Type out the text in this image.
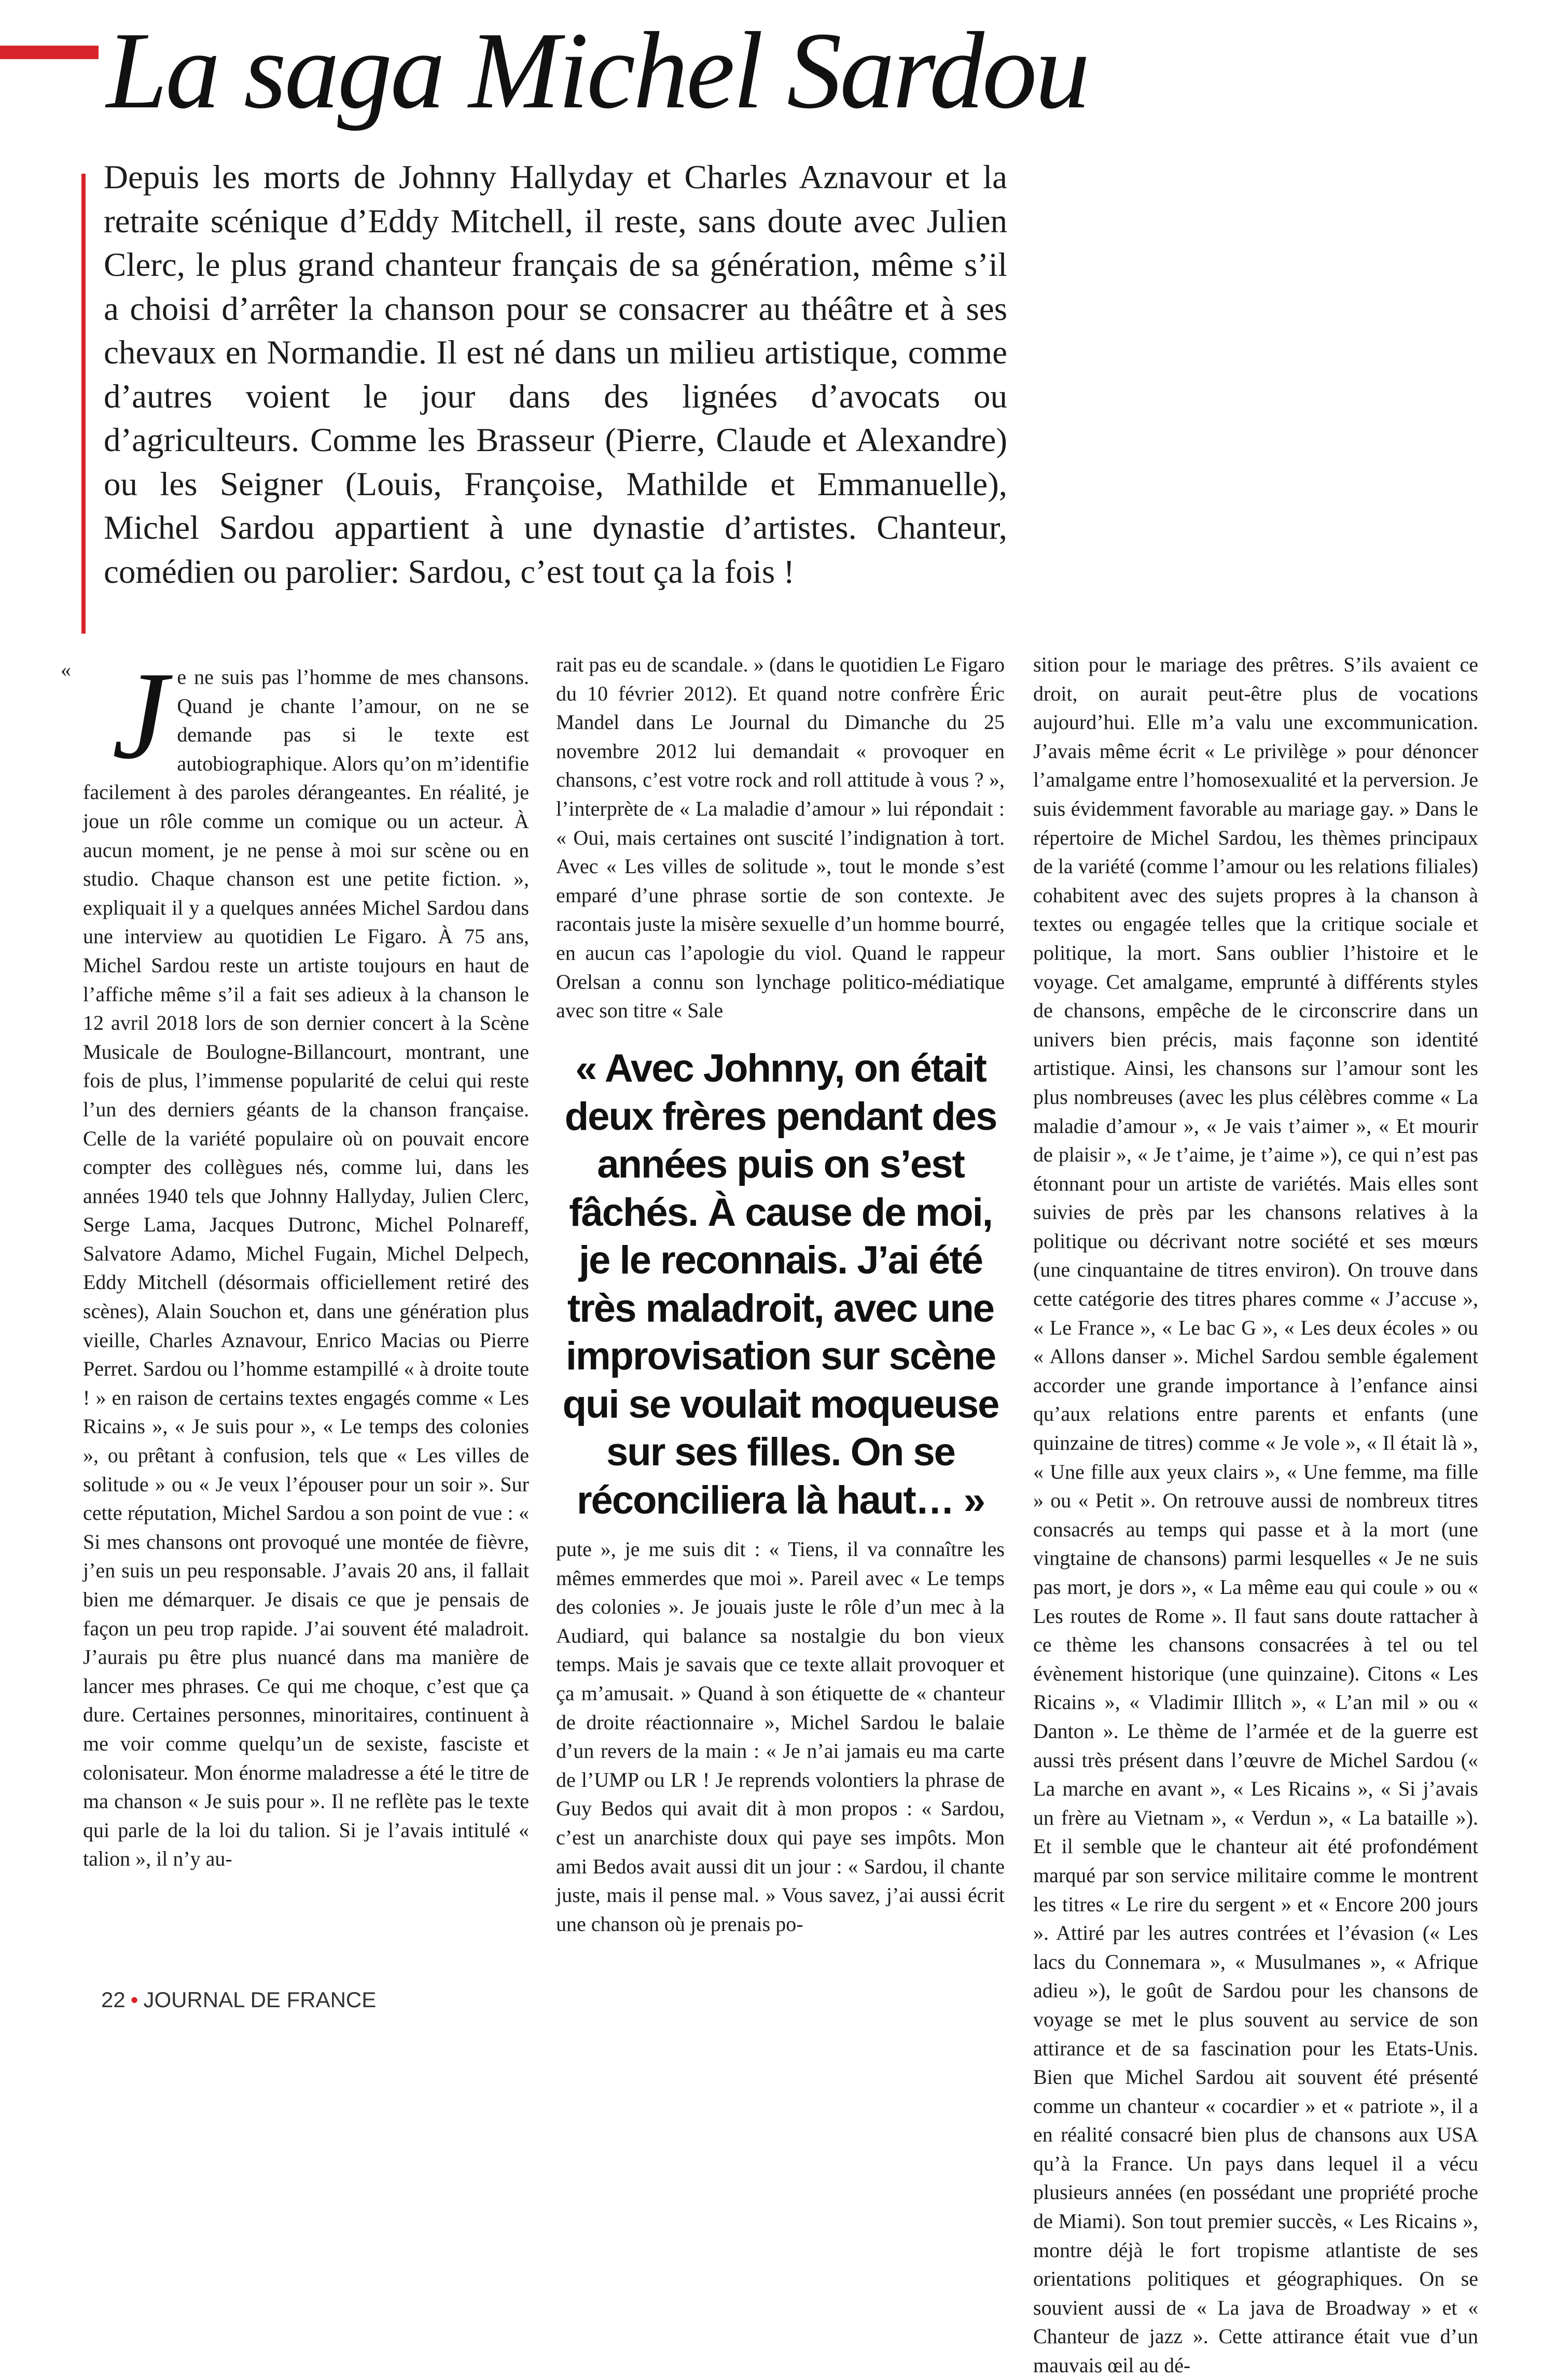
La saga Michel Sardou

Depuis les morts de Johnny Hallyday et Charles Aznavour et la retraite scénique d’Eddy Mitchell, il reste, sans doute avec Julien Clerc, le plus grand chanteur français de sa génération, même s’il a choisi d’arrêter la chanson pour se consacrer au théâtre et à ses chevaux en Normandie. Il est né dans un milieu artistique, comme d’autres voient le jour dans des lignées d’avocats ou d’agriculteurs. Comme les Brasseur (Pierre, Claude et Alexandre) ou les Seigner (Louis, Françoise, Mathilde et Emmanuelle), Michel Sardou appartient à une dynastie d’artistes. Chanteur, comédien ou parolier: Sardou, c’est tout ça la fois !

« J e ne suis pas l’homme de mes chansons. Quand je chante l’amour, on ne se demande pas si le texte est autobiographique. Alors qu’on m’identifie facilement à des paroles dérangeantes. En réalité, je joue un rôle comme un comique ou un acteur. À aucun moment, je ne pense à moi sur scène ou en studio. Chaque chanson est une petite fiction. », expliquait il y a quelques années Michel Sardou dans une interview au quotidien Le Figaro. À 75 ans, Michel Sardou reste un artiste toujours en haut de l’affiche même s’il a fait ses adieux à la chanson le 12 avril 2018 lors de son dernier concert à la Scène Musicale de Boulogne-Billancourt, montrant, une fois de plus, l’immense popularité de celui qui reste l’un des derniers géants de la chanson française. Celle de la variété populaire où on pouvait encore compter des collègues nés, comme lui, dans les années 1940 tels que Johnny Hallyday, Julien Clerc, Serge Lama, Jacques Dutronc, Michel Polnareff, Salvatore Adamo, Michel Fugain, Michel Delpech, Eddy Mitchell (désormais officiellement retiré des scènes), Alain Souchon et, dans une génération plus vieille, Charles Aznavour, Enrico Macias ou Pierre Perret. Sardou ou l’homme estampillé « à droite toute ! » en raison de certains textes engagés comme « Les Ricains », « Je suis pour », « Le temps des colonies », ou prêtant à confusion, tels que « Les villes de solitude » ou « Je veux l’épouser pour un soir ». Sur cette réputation, Michel Sardou a son point de vue : « Si mes chansons ont provoqué une montée de fièvre, j’en suis un peu responsable. J’avais 20 ans, il fallait bien me démarquer. Je disais ce que je pensais de façon un peu trop rapide. J’ai souvent été maladroit. J’aurais pu être plus nuancé dans ma manière de lancer mes phrases. Ce qui me choque, c’est que ça dure. Certaines personnes, minoritaires, continuent à me voir comme quelqu’un de sexiste, fasciste et colonisateur. Mon énorme maladresse a été le titre de ma chanson « Je suis pour ». Il ne reflète pas le texte qui parle de la loi du talion. Si je l’avais intitulé « talion », il n’y au-

rait pas eu de scandale. » (dans le quotidien Le Figaro du 10 février 2012). Et quand notre confrère Éric Mandel dans Le Journal du Dimanche du 25 novembre 2012 lui demandait « provoquer en chansons, c’est votre rock and roll attitude à vous ? », l’interprète de « La maladie d’amour » lui répondait : « Oui, mais certaines ont suscité l’indignation à tort. Avec « Les villes de solitude », tout le monde s’est emparé d’une phrase sortie de son contexte. Je racontais juste la misère sexuelle d’un homme bourré, en aucun cas l’apologie du viol. Quand le rappeur Orelsan a connu son lynchage politico-médiatique avec son titre « Sale

« Avec Johnny, on était deux frères pendant des années puis on s’est fâchés. À cause de moi, je le reconnais. J’ai été très maladroit, avec une improvisation sur scène qui se voulait moqueuse sur ses filles. On se réconciliera là haut… »

pute », je me suis dit : « Tiens, il va connaître les mêmes emmerdes que moi ». Pareil avec « Le temps des colonies ». Je jouais juste le rôle d’un mec à la Audiard, qui balance sa nostalgie du bon vieux temps. Mais je savais que ce texte allait provoquer et ça m’amusait. » Quand à son étiquette de « chanteur de droite réactionnaire », Michel Sardou le balaie d’un revers de la main : « Je n’ai jamais eu ma carte de l’UMP ou LR ! Je reprends volontiers la phrase de Guy Bedos qui avait dit à mon propos : « Sardou, c’est un anarchiste doux qui paye ses impôts. Mon ami Bedos avait aussi dit un jour : « Sardou, il chante juste, mais il pense mal. » Vous savez, j’ai aussi écrit une chanson où je prenais po-

sition pour le mariage des prêtres. S’ils avaient ce droit, on aurait peut-être plus de vocations aujourd’hui. Elle m’a valu une excommunication. J’avais même écrit « Le privilège » pour dénoncer l’amalgame entre l’homosexualité et la perversion. Je suis évidemment favorable au mariage gay. » Dans le répertoire de Michel Sardou, les thèmes principaux de la variété (comme l’amour ou les relations filiales) cohabitent avec des sujets propres à la chanson à textes ou engagée telles que la critique sociale et politique, la mort. Sans oublier l’histoire et le voyage. Cet amalgame, emprunté à différents styles de chansons, empêche de le circonscrire dans un univers bien précis, mais façonne son identité artistique. Ainsi, les chansons sur l’amour sont les plus nombreuses (avec les plus célèbres comme « La maladie d’amour », « Je vais t’aimer », « Et mourir de plaisir », « Je t’aime, je t’aime »), ce qui n’est pas étonnant pour un artiste de variétés. Mais elles sont suivies de près par les chansons relatives à la politique ou décrivant notre société et ses mœurs (une cinquantaine de titres environ). On trouve dans cette catégorie des titres phares comme « J’accuse », « Le France », « Le bac G », « Les deux écoles » ou « Allons danser ». Michel Sardou semble également accorder une grande importance à l’enfance ainsi qu’aux relations entre parents et enfants (une quinzaine de titres) comme « Je vole », « Il était là », « Une fille aux yeux clairs », « Une femme, ma fille » ou « Petit ». On retrouve aussi de nombreux titres consacrés au temps qui passe et à la mort (une vingtaine de chansons) parmi lesquelles « Je ne suis pas mort, je dors », « La même eau qui coule » ou « Les routes de Rome ». Il faut sans doute rattacher à ce thème les chansons consacrées à tel ou tel évènement historique (une quinzaine). Citons « Les Ricains », « Vladimir Illitch », « L’an mil » ou « Danton ». Le thème de l’armée et de la guerre est aussi très présent dans l’œuvre de Michel Sardou (« La marche en avant », « Les Ricains », « Si j’avais un frère au Vietnam », « Verdun », « La bataille »). Et il semble que le chanteur ait été profondément marqué par son service militaire comme le montrent les titres « Le rire du sergent » et « Encore 200 jours ». Attiré par les autres contrées et l’évasion (« Les lacs du Connemara », « Musulmanes », « Afrique adieu »), le goût de Sardou pour les chansons de voyage se met le plus souvent au service de son attirance et de sa fascination pour les Etats-Unis. Bien que Michel Sardou ait souvent été présenté comme un chanteur « cocardier » et « patriote », il a en réalité consacré bien plus de chansons aux USA qu’à la France. Un pays dans lequel il a vécu plusieurs années (en possédant une propriété proche de Miami). Son tout premier succès, « Les Ricains », montre déjà le fort tropisme atlantiste de ses orientations politiques et géographiques. On se souvient aussi de « La java de Broadway » et « Chanteur de jazz ». Cette attirance était vue d’un mauvais œil au dé-

22 • JOURNAL DE FRANCE
